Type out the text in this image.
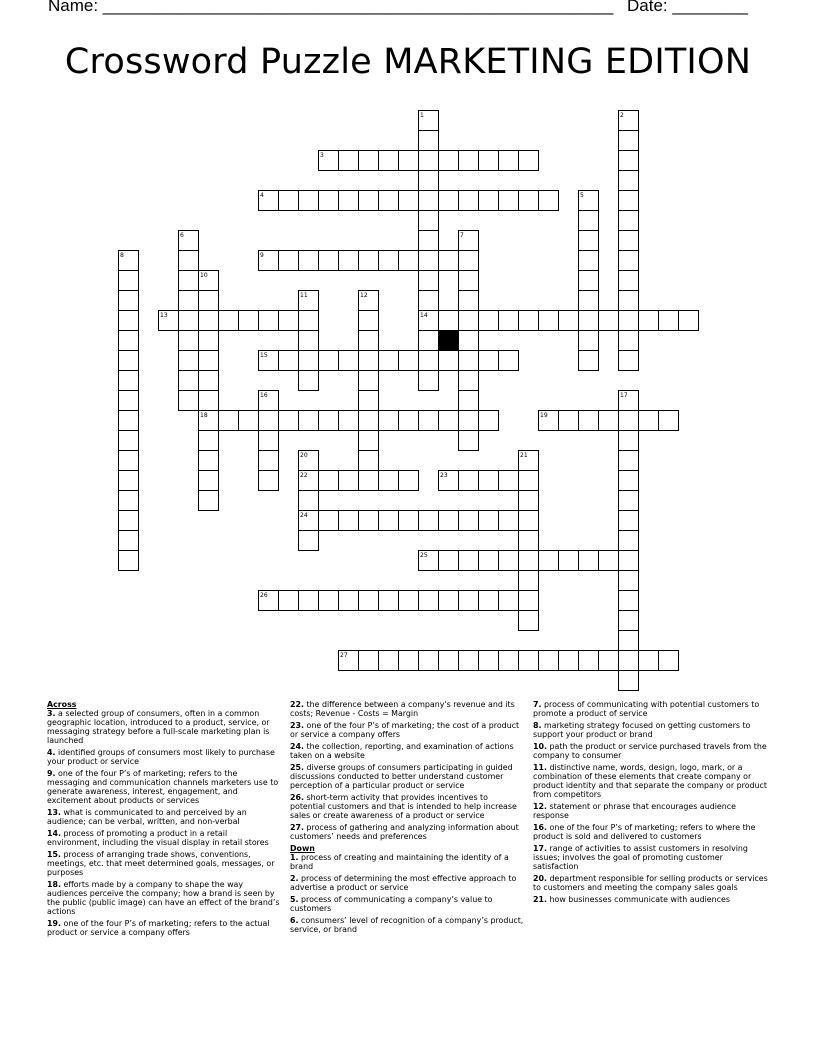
Name: ______________________________________________________ Date: ________
Crossword Puzzle MARKETING EDITION
3
4
9
13	14
15
18	19
22	23
24
25
26
27
1	2
5
6	7
8
10
11	12
16	17
20	21
Across
3. a selected group of consumers, often in a common geographic location, introduced to a product, service, or messaging strategy before a full-scale marketing plan is launched
4. identified groups of consumers most likely to purchase your product or service
9. one of the four P’s of marketing; refers to the messaging and communication channels marketers use to generate awareness, interest, engagement, and excitement about products or services
13. what is communicated to and perceived by an audience; can be verbal, written, and non-verbal
14. process of promoting a product in a retail environment, including the visual display in retail stores
15. process of arranging trade shows, conventions, meetings, etc. that meet determined goals, messages, or purposes
18. efforts made by a company to shape the way audiences perceive the company; how a brand is seen by the public (public image) can have an effect of the brand’s actions
19. one of the four P’s of marketing; refers to the actual product or service a company offers
22. the difference between a company's revenue and its costs; Revenue - Costs = Margin
23. one of the four P’s of marketing; the cost of a product or service a company offers
24. the collection, reporting, and examination of actions taken on a website
25. diverse groups of consumers participating in guided discussions conducted to better understand customer perception of a particular product or service
26. short-term activity that provides incentives to potential customers and that is intended to help increase sales or create awareness of a product or service
27. process of gathering and analyzing information about customers’ needs and preferences
Down
1. process of creating and maintaining the identity of a brand
2. process of determining the most effective approach to advertise a product or service
5. process of communicating a company’s value to customers
6. consumers’ level of recognition of a company’s product, service, or brand
7. process of communicating with potential customers to promote a product of service
8. marketing strategy focused on getting customers to support your product or brand
10. path the product or service purchased travels from the company to consumer
11. distinctive name, words, design, logo, mark, or a combination of these elements that create company or product identity and that separate the company or product from competitors
12. statement or phrase that encourages audience response
16. one of the four P’s of marketing; refers to where the product is sold and delivered to customers
17. range of activities to assist customers in resolving issues; involves the goal of promoting customer satisfaction
20. department responsible for selling products or services to customers and meeting the company sales goals
21. how businesses communicate with audiences
